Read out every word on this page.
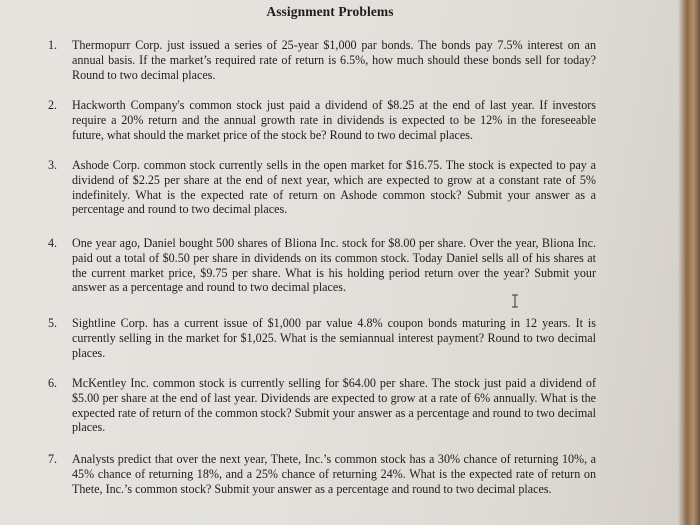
Assignment Problems
1.	Thermopurr Corp. just issued a series of 25-year $1,000 par bonds. The bonds pay 7.5% interest on an annual basis. If the market’s required rate of return is 6.5%, how much should these bonds sell for today? Round to two decimal places.
2.	Hackworth Company's common stock just paid a dividend of $8.25 at the end of last year. If investors require a 20% return and the annual growth rate in dividends is expected to be 12% in the foreseeable future, what should the market price of the stock be? Round to two decimal places.
3.	Ashode Corp. common stock currently sells in the open market for $16.75. The stock is expected to pay a dividend of $2.25 per share at the end of next year, which are expected to grow at a constant rate of 5% indefinitely. What is the expected rate of return on Ashode common stock? Submit your answer as a percentage and round to two decimal places.
4.	One year ago, Daniel bought 500 shares of Bliona Inc. stock for $8.00 per share. Over the year, Bliona Inc. paid out a total of $0.50 per share in dividends on its common stock. Today Daniel sells all of his shares at the current market price, $9.75 per share. What is his holding period return over the year? Submit your answer as a percentage and round to two decimal places.
5.	Sightline Corp. has a current issue of $1,000 par value 4.8% coupon bonds maturing in 12 years. It is currently selling in the market for $1,025. What is the semiannual interest payment? Round to two decimal places.
6.	McKentley Inc. common stock is currently selling for $64.00 per share. The stock just paid a dividend of $5.00 per share at the end of last year. Dividends are expected to grow at a rate of 6% annually. What is the expected rate of return of the common stock? Submit your answer as a percentage and round to two decimal places.
7.	Analysts predict that over the next year, Thete, Inc.’s common stock has a 30% chance of returning 10%, a 45% chance of returning 18%, and a 25% chance of returning 24%. What is the expected rate of return on Thete, Inc.’s common stock? Submit your answer as a percentage and round to two decimal places.
